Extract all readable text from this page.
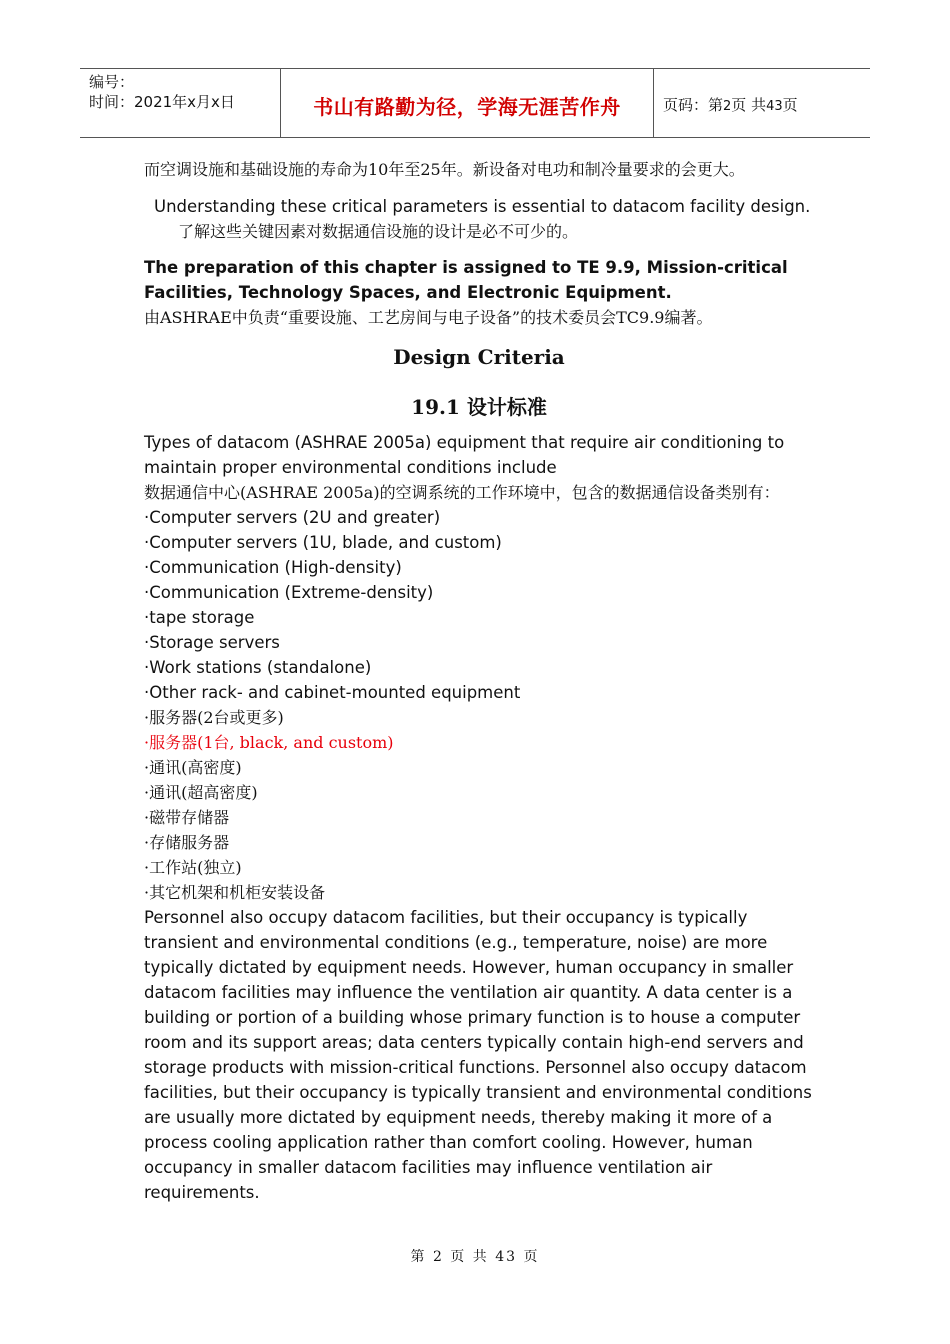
编号：
时间：2021年x月x日	书山有路勤为径，学海无涯苦作舟	页码：第2页 共43页

而空调设施和基础设施的寿命为10年至25年。新设备对电功和制冷量要求的会更大。

Understanding these critical parameters is essential to datacom facility design.

了解这些关键因素对数据通信设施的设计是必不可少的。

The preparation of this chapter is assigned to TE 9.9, Mission-critical Facilities, Technology Spaces, and Electronic Equipment.

由ASHRAE中负责“重要设施、工艺房间与电子设备”的技术委员会TC9.9编著。

Design Criteria

19.1 设计标准

Types of datacom (ASHRAE 2005a) equipment that require air conditioning to maintain proper environmental conditions include

数据通信中心(ASHRAE 2005a)的空调系统的工作环境中，包含的数据通信设备类别有：

·Computer servers (2U and greater)

·Computer servers (1U, blade, and custom)

·Communication (High-density)

·Communication (Extreme-density)

·tape storage

·Storage servers

·Work stations (standalone)

·Other rack- and cabinet-mounted equipment

·服务器(2台或更多)

·服务器(1台, black, and custom)

·通讯(高密度)

·通讯(超高密度)

·磁带存储器

·存储服务器

·工作站(独立)

·其它机架和机柜安装设备

Personnel also occupy datacom facilities, but their occupancy is typically transient and environmental conditions (e.g., temperature, noise) are more typically dictated by equipment needs. However, human occupancy in smaller datacom facilities may influence the ventilation air quantity. A data center is a building or portion of a building whose primary function is to house a computer room and its support areas; data centers typically contain high-end servers and storage products with mission-critical functions. Personnel also occupy datacom facilities, but their occupancy is typically transient and environmental conditions are usually more dictated by equipment needs, thereby making it more of a process cooling application rather than comfort cooling. However, human occupancy in smaller datacom facilities may influence ventilation air requirements.

第 2 页 共 43 页
